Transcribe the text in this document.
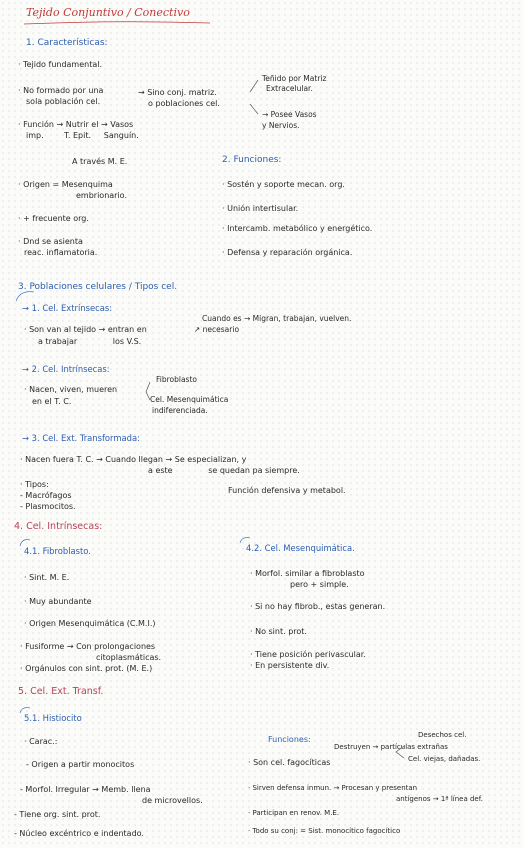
Tejido Conjuntivo / Conectivo
1. Características:
· Tejido fundamental.
· No formado por una
sola población cel.
→ Sino conj. matriz.
o poblaciones cel.
Teñido por Matriz
Extracelular.
→ Posee Vasos
y Nervios.
· Función → Nutrir el → Vasos
imp.        T. Epit.     Sanguín.
A través M. E.
· Origen = Mesenquima
embrionario.
· + frecuente org.
· Dnd se asienta
reac. inflamatoria.
2. Funciones:
· Sostén y soporte mecan. org.
· Unión intertisular.
· Intercamb. metabólico y energético.
· Defensa y reparación orgánica.
3. Poblaciones celulares / Tipos cel.
→ 1. Cel. Extrínsecas:
· Son van al tejido → entran en
a trabajar              los V.S.
Cuando es → Migran, trabajan, vuelven.
↗ necesario
→ 2. Cel. Intrínsecas:
· Nacen, viven, mueren
en el T. C.
Fibroblasto
Cel. Mesenquimática
indiferenciada.
→ 3. Cel. Ext. Transformada:
· Nacen fuera T. C. → Cuando llegan → Se especializan, y
a este              se quedan pa siempre.
· Tipos:
- Macrófagos
- Plasmocitos.
Función defensiva y metabol.
4. Cel. Intrínsecas:
4.1. Fibroblasto.
· Sint. M. E.
· Muy abundante
· Origen Mesenquimática (C.M.I.)
· Fusiforme → Con prolongaciones
citoplasmáticas.
· Orgánulos con sint. prot. (M. E.)
4.2. Cel. Mesenquimática.
· Morfol. similar a fibroblasto
pero + simple.
· Si no hay fibrob., estas generan.
· No sint. prot.
· Tiene posición perivascular.
· En persistente div.
5. Cel. Ext. Transf.
5.1. Histiocito
· Carac.:
- Origen a partir monocitos
- Morfol. Irregular → Memb. llena
de microvellos.
- Tiene org. sint. prot.
- Núcleo excéntrico e indentado.
Funciones:
· Son cel. fagocíticas
· Sirven defensa inmun. → Procesan y presentan
antígenos → 1ª línea def.
· Participan en renov. M.E.
· Todo su conj: = Sist. monocítico fagocítico
Desechos cel.
Destruyen → partículas extrañas
Cel. viejas, dañadas.
